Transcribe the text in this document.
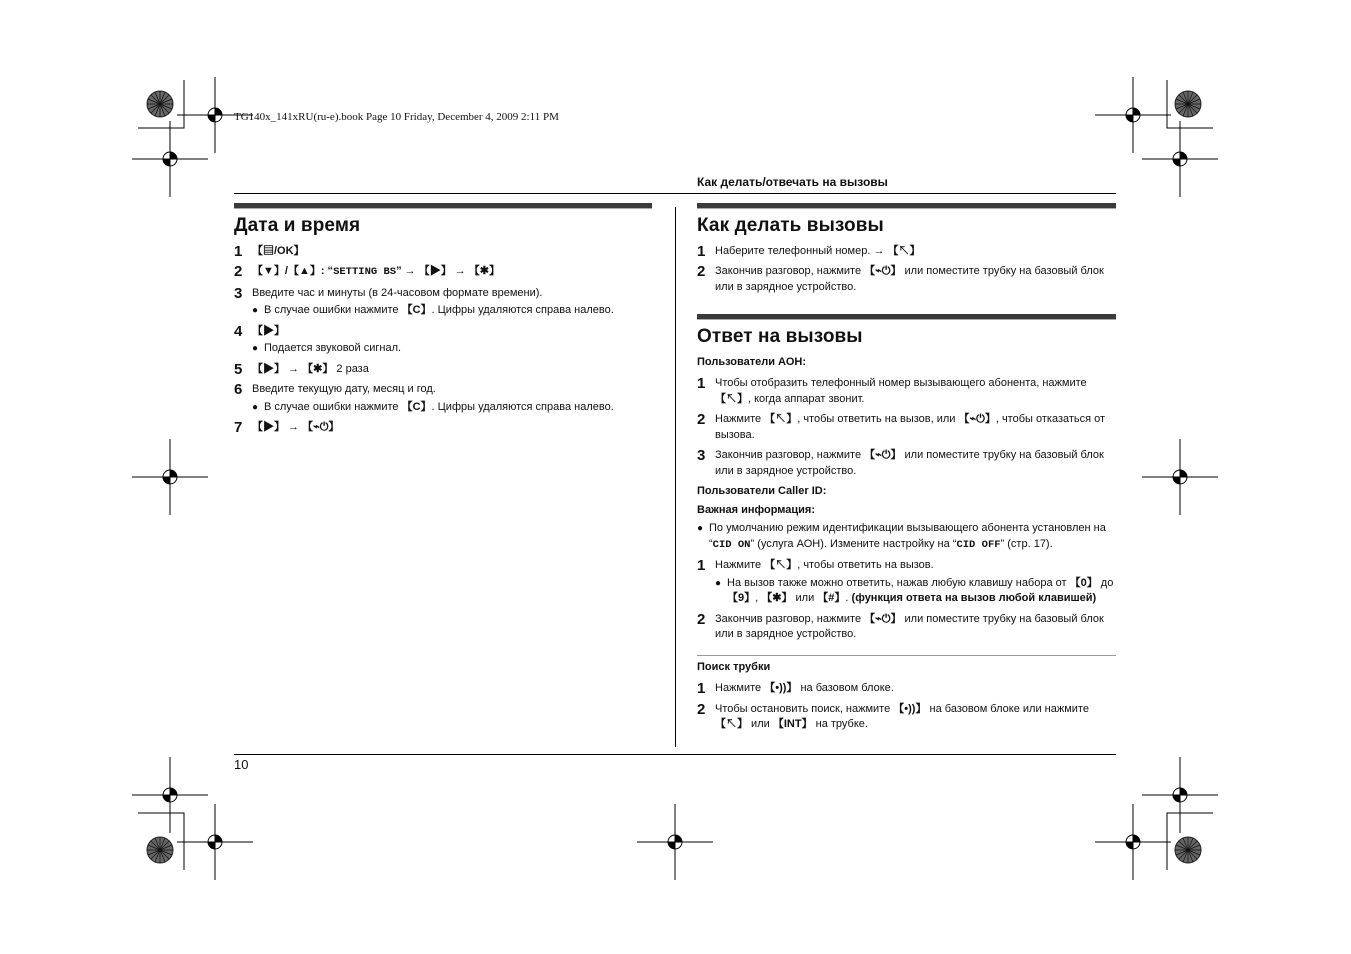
TG140x_141xRU(ru-e).book Page 10 Friday, December 4, 2009 2:11 PM
Как делать/отвечать на вызовы
10
Дата и время
1 【▤/OK】
2 【▼】/【▲】: “SETTING BS” → 【▶】 → 【✱】
3 Введите час и минуты (в 24-часовом формате времени).
● В случае ошибки нажмите 【C】. Цифры удаляются справа налево.
4 【▶】
● Подается звуковой сигнал.
5 【▶】 → 【✱】 2 раза
6 Введите текущую дату, месяц и год.
● В случае ошибки нажмите 【C】. Цифры удаляются справа налево.
7 【▶】 → 【⌁⏻】
Как делать вызовы
1 Наберите телефонный номер. → 【↖】
2 Закончив разговор, нажмите 【⌁⏻】 или поместите трубку на базовый блок или в зарядное устройство.
Ответ на вызовы
Пользователи АОН:
1 Чтобы отобразить телефонный номер вызывающего абонента, нажмите 【↖】, когда аппарат звонит.
2 Нажмите 【↖】, чтобы ответить на вызов, или 【⌁⏻】, чтобы отказаться от вызова.
3 Закончив разговор, нажмите 【⌁⏻】 или поместите трубку на базовый блок или в зарядное устройство.
Пользователи Caller ID:
Важная информация:
● По умолчанию режим идентификации вызывающего абонента установлен на “CID ON” (услуга АОН). Измените настройку на “CID OFF” (стр. 17).
1 Нажмите 【↖】, чтобы ответить на вызов.
● На вызов также можно ответить, нажав любую клавишу набора от 【0】 до 【9】, 【✱】 или 【#】. (функция ответа на вызов любой клавишей)
2 Закончив разговор, нажмите 【⌁⏻】 или поместите трубку на базовый блок или в зарядное устройство.
Поиск трубки
1 Нажмите 【•))】 на базовом блоке.
2 Чтобы остановить поиск, нажмите 【•))】 на базовом блоке или нажмите 【↖】 или 【INT】 на трубке.
